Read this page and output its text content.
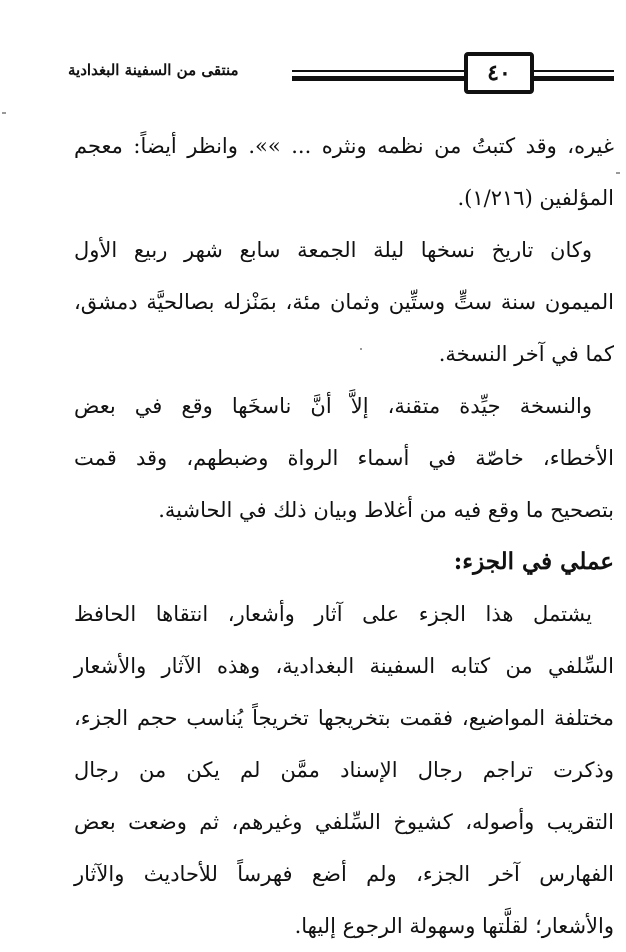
منتقى من السفينة البغدادية	٤٠
غيره، وقد كتبتُ من نظمه ونثره ... »». وانظر أيضاً: معجم
المؤلفين (١/٢١٦).
وكان تاريخ نسخها ليلة الجمعة سابع شهر ربيع الأول
الميمون سنة ستٍّ وستِّين وثمان مئة، بمَنْزله بصالحيَّة دمشق،
كما في آخر النسخة.
والنسخة جيِّدة متقنة، إلاَّ أنَّ ناسخَها وقع في بعض
الأخطاء، خاصّة في أسماء الرواة وضبطهم، وقد قمت
بتصحيح ما وقع فيه من أغلاط وبيان ذلك في الحاشية.
عملي في الجزء:
يشتمل هذا الجزء على آثار وأشعار، انتقاها الحافظ
السِّلفي من كتابه السفينة البغدادية، وهذه الآثار والأشعار
مختلفة المواضيع، فقمت بتخريجها تخريجاً يُناسب حجم الجزء،
وذكرت تراجم رجال الإسناد ممَّن لم يكن من رجال
التقريب وأصوله، كشيوخ السِّلفي وغيرهم، ثم وضعت بعض
الفهارس آخر الجزء، ولم أضع فهرساً للأحاديث والآثار
والأشعار؛ لقلَّتها وسهولة الرجوع إليها.
